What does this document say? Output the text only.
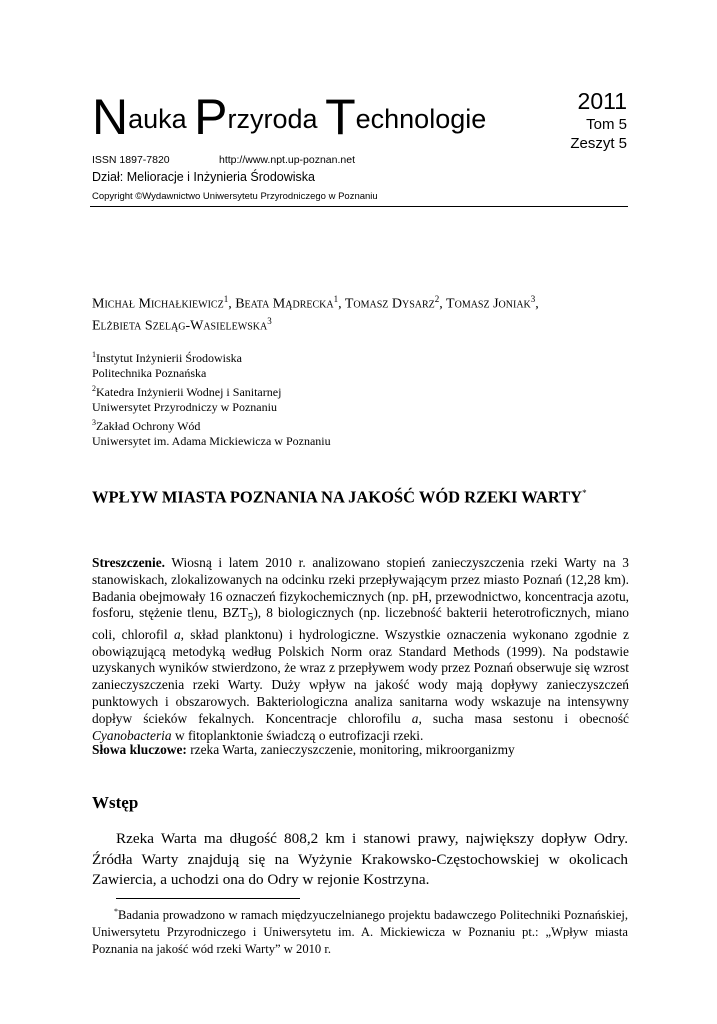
Nauka Przyroda Technologie
2011
Tom 5
Zeszyt 5
ISSN 1897-7820	http://www.npt.up-poznan.net
Dział: Melioracje i Inżynieria Środowiska
Copyright ©Wydawnictwo Uniwersytetu Przyrodniczego w Poznaniu
Michał Michałkiewicz$^1$, Beata Mądrecka$^1$, Tomasz Dysarz$^2$, Tomasz Joniak$^3$,
Elżbieta Szeląg-Wasielewska$^3$
$^1$Instytut Inżynierii Środowiska
Politechnika Poznańska
$^2$Katedra Inżynierii Wodnej i Sanitarnej
Uniwersytet Przyrodniczy w Poznaniu
$^3$Zakład Ochrony Wód
Uniwersytet im. Adama Mickiewicza w Poznaniu
WPŁYW MIASTA POZNANIA NA JAKOŚĆ WÓD RZEKI WARTY*
Streszczenie. Wiosną i latem 2010 r. analizowano stopień zanieczyszczenia rzeki Warty na 3 stanowiskach, zlokalizowanych na odcinku rzeki przepływającym przez miasto Poznań (12,28 km). Badania obejmowały 16 oznaczeń fizykochemicznych (np. pH, przewodnictwo, koncentracja azotu, fosforu, stężenie tlenu, $BZT_5$), 8 biologicznych (np. liczebność bakterii heterotroficznych, miano coli, chlorofil a, skład planktonu) i hydrologiczne. Wszystkie oznaczenia wykonano zgodnie z obowiązującą metodyką według Polskich Norm oraz Standard Methods (1999). Na podstawie uzyskanych wyników stwierdzono, że wraz z przepływem wody przez Poznań obserwuje się wzrost zanieczyszczenia rzeki Warty. Duży wpływ na jakość wody mają dopływy zanieczyszczeń punktowych i obszarowych. Bakteriologiczna analiza sanitarna wody wskazuje na intensywny dopływ ścieków fekalnych. Koncentracje chlorofilu a, sucha masa sestonu i obecność Cyanobacteria w fitoplanktonie świadczą o eutrofizacji rzeki.
Słowa kluczowe: rzeka Warta, zanieczyszczenie, monitoring, mikroorganizmy
Wstęp
Rzeka Warta ma długość 808,2 km i stanowi prawy, największy dopływ Odry. Źródła Warty znajdują się na Wyżynie Krakowsko-Częstochowskiej w okolicach Zawiercia, a uchodzi ona do Odry w rejonie Kostrzyna.
*Badania prowadzono w ramach międzyuczelnianego projektu badawczego Politechniki Poznańskiej, Uniwersytetu Przyrodniczego i Uniwersytetu im. A. Mickiewicza w Poznaniu pt.: „Wpływ miasta Poznania na jakość wód rzeki Warty” w 2010 r.
